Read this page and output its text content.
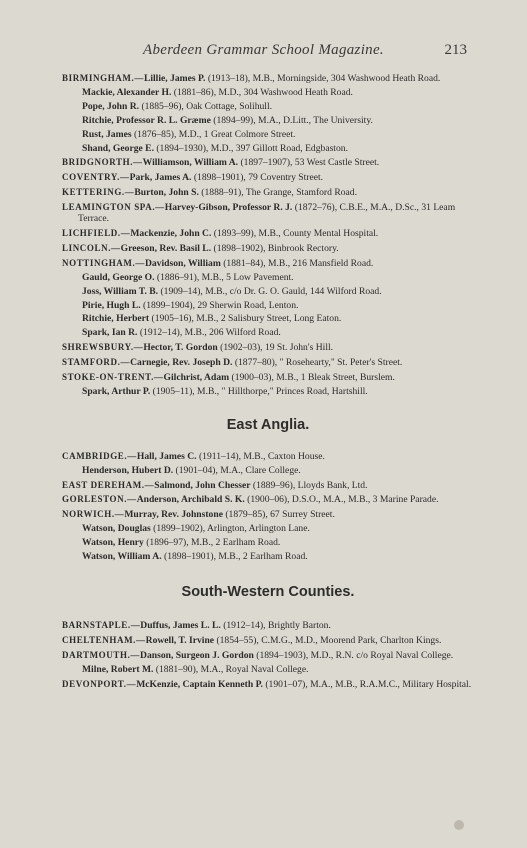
Aberdeen Grammar School Magazine.	213
BIRMINGHAM.—Lillie, James P. (1913–18), M.B., Morningside, 304 Washwood Heath Road.
Mackie, Alexander H. (1881–86), M.D., 304 Washwood Heath Road.
Pope, John R. (1885–96), Oak Cottage, Solihull.
Ritchie, Professor R. L. Græme (1894–99), M.A., D.Litt., The University.
Rust, James (1876–85), M.D., 1 Great Colmore Street.
Shand, George E. (1894–1930), M.D., 397 Gillott Road, Edgbaston.
BRIDGNORTH.—Williamson, William A. (1897–1907), 53 West Castle Street.
COVENTRY.—Park, James A. (1898–1901), 79 Coventry Street.
KETTERING.—Burton, John S. (1888–91), The Grange, Stamford Road.
LEAMINGTON SPA.—Harvey-Gibson, Professor R. J. (1872–76), C.B.E., M.A., D.Sc., 31 Leam Terrace.
LICHFIELD.—Mackenzie, John C. (1893–99), M.B., County Mental Hospital.
LINCOLN.—Greeson, Rev. Basil L. (1898–1902), Binbrook Rectory.
NOTTINGHAM.—Davidson, William (1881–84), M.B., 216 Mansfield Road.
Gauld, George O. (1886–91), M.B., 5 Low Pavement.
Joss, William T. B. (1909–14), M.B., c/o Dr. G. O. Gauld, 144 Wilford Road.
Pirie, Hugh L. (1899–1904), 29 Sherwin Road, Lenton.
Ritchie, Herbert (1905–16), M.B., 2 Salisbury Street, Long Eaton.
Spark, Ian R. (1912–14), M.B., 206 Wilford Road.
SHREWSBURY.—Hector, T. Gordon (1902–03), 19 St. John's Hill.
STAMFORD.—Carnegie, Rev. Joseph D. (1877–80), " Rosehearty," St. Peter's Street.
STOKE-ON-TRENT.—Gilchrist, Adam (1900–03), M.B., 1 Bleak Street, Burslem.
Spark, Arthur P. (1905–11), M.B., " Hillthorpe," Princes Road, Hartshill.
East Anglia.
CAMBRIDGE.—Hall, James C. (1911–14), M.B., Caxton House.
Henderson, Hubert D. (1901–04), M.A., Clare College.
EAST DEREHAM.—Salmond, John Chesser (1889–96), Lloyds Bank, Ltd.
GORLESTON.—Anderson, Archibald S. K. (1900–06), D.S.O., M.A., M.B., 3 Marine Parade.
NORWICH.—Murray, Rev. Johnstone (1879–85), 67 Surrey Street.
Watson, Douglas (1899–1902), Arlington, Arlington Lane.
Watson, Henry (1896–97), M.B., 2 Earlham Road.
Watson, William A. (1898–1901), M.B., 2 Earlham Road.
South-Western Counties.
BARNSTAPLE.—Duffus, James L. L. (1912–14), Brightly Barton.
CHELTENHAM.—Rowell, T. Irvine (1854–55), C.M.G., M.D., Moorend Park, Charlton Kings.
DARTMOUTH.—Danson, Surgeon J. Gordon (1894–1903), M.D., R.N. c/o Royal Naval College.
Milne, Robert M. (1881–90), M.A., Royal Naval College.
DEVONPORT.—McKenzie, Captain Kenneth P. (1901–07), M.A., M.B., R.A.M.C., Military Hospital.
